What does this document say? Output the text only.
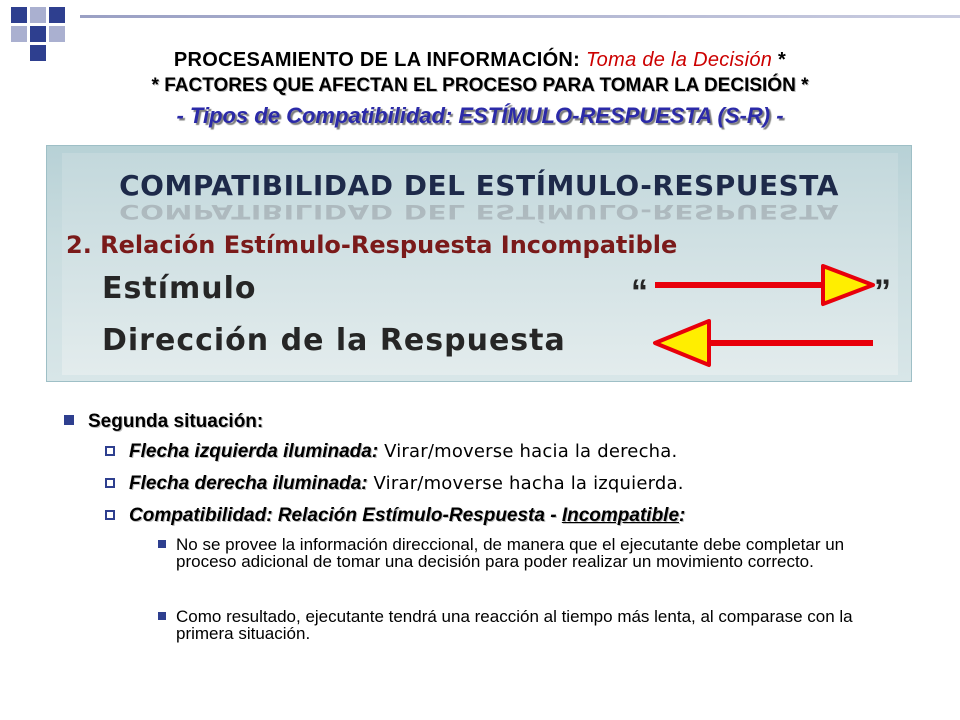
PROCESAMIENTO DE LA INFORMACIÓN: Toma de la Decisión *
* FACTORES QUE AFECTAN EL PROCESO PARA TOMAR LA DECISIÓN *
- Tipos de Compatibilidad: ESTÍMULO-RESPUESTA (S-R) -
COMPATIBILIDAD DEL ESTÍMULO-RESPUESTA
COMPATIBILIDAD DEL ESTÍMULO-RESPUESTA
2. Relación Estímulo-Respuesta Incompatible
Estímulo	“	”
Dirección de la Respuesta
Segunda situación:
Flecha izquierda iluminada: Virar/moverse hacia la derecha.
Flecha derecha iluminada: Virar/moverse hacha la izquierda.
Compatibilidad: Relación Estímulo-Respuesta - Incompatible:
No se provee la información direccional, de manera que el ejecutante debe completar un proceso adicional de tomar una decisión para poder realizar un movimiento correcto.
Como resultado, ejecutante tendrá una reacción al tiempo más lenta, al comparase con la primera situación.
